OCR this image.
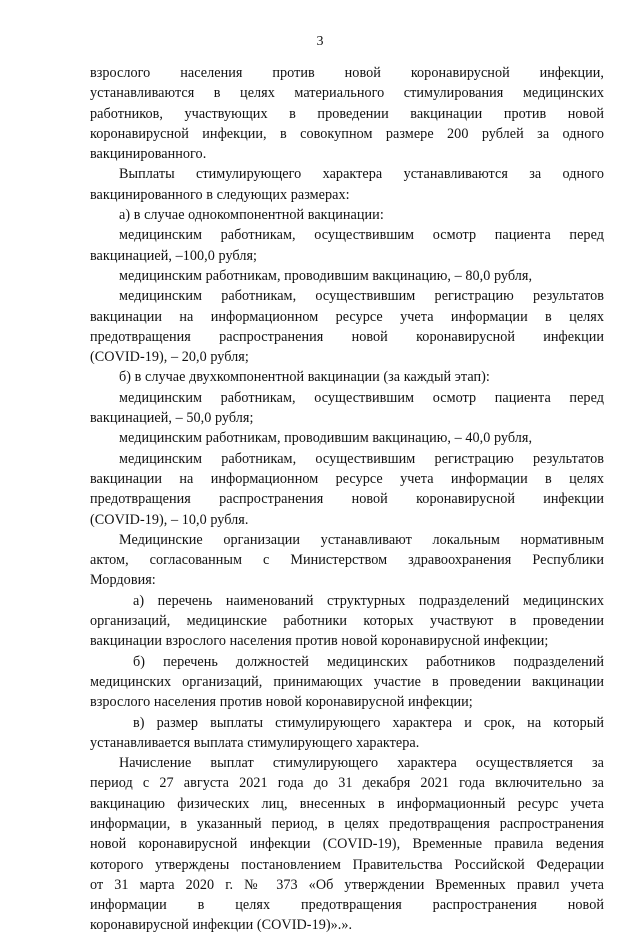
3
взрослого населения против новой коронавирусной инфекции,
устанавливаются в целях материального стимулирования медицинских
работников, участвующих в проведении вакцинации против новой
коронавирусной инфекции, в совокупном размере 200 рублей за одного
вакцинированного.
Выплаты стимулирующего характера устанавливаются за одного
вакцинированного в следующих размерах:
а) в случае однокомпонентной вакцинации:
медицинским работникам, осуществившим осмотр пациента перед
вакцинацией, –100,0 рубля;
медицинским работникам, проводившим вакцинацию, – 80,0 рубля,
медицинским работникам, осуществившим регистрацию результатов
вакцинации на информационном ресурсе учета информации в целях
предотвращения распространения новой коронавирусной инфекции
(COVID-19), – 20,0 рубля;
б) в случае двухкомпонентной вакцинации (за каждый этап):
медицинским работникам, осуществившим осмотр пациента перед
вакцинацией, – 50,0 рубля;
медицинским работникам, проводившим вакцинацию, – 40,0 рубля,
медицинским работникам, осуществившим регистрацию результатов
вакцинации на информационном ресурсе учета информации в целях
предотвращения распространения новой коронавирусной инфекции
(COVID-19), – 10,0 рубля.
Медицинские организации устанавливают локальным нормативным
актом, согласованным с Министерством здравоохранения Республики
Мордовия:
а) перечень наименований структурных подразделений медицинских
организаций, медицинские работники которых участвуют в проведении
вакцинации взрослого населения против новой коронавирусной инфекции;
б) перечень должностей медицинских работников подразделений
медицинских организаций, принимающих участие в проведении вакцинации
взрослого населения против новой коронавирусной инфекции;
в) размер выплаты стимулирующего характера и срок, на который
устанавливается выплата стимулирующего характера.
Начисление выплат стимулирующего характера осуществляется за
период с 27 августа 2021 года до 31 декабря 2021 года включительно за
вакцинацию физических лиц, внесенных в информационный ресурс учета
информации, в указанный период, в целях предотвращения распространения
новой коронавирусной инфекции (COVID-19), Временные правила ведения
которого утверждены постановлением Правительства Российской Федерации
от 31 марта 2020 г. № 373 «Об утверждении Временных правил учета
информации в целях предотвращения распространения новой
коронавирусной инфекции (COVID-19)».».
